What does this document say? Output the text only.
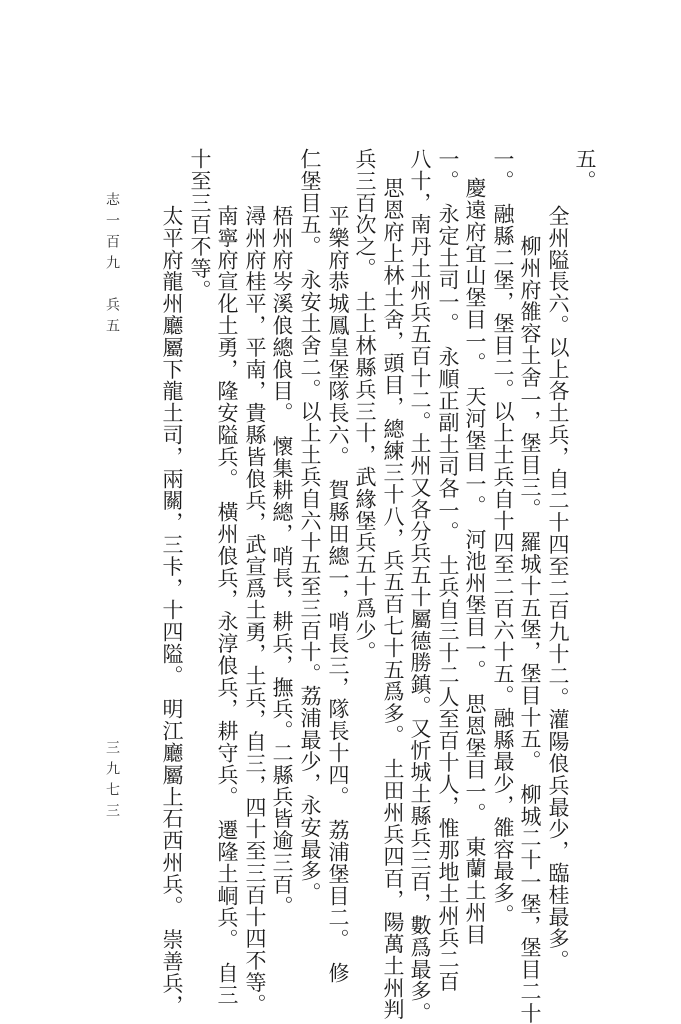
五。
全州隘長六。以上各土兵，自二十四至二百九十二。灌陽俍兵最少，臨桂最多。
柳州府雒容土舍一，堡目三。　羅城十五堡，堡目十五。　柳城二十一堡，堡目二十
一。　融縣二堡，堡目二。以上土兵自十四至二百六十五。融縣最少，雒容最多。
慶遠府宜山堡目一。　天河堡目一。　河池州堡目一。　思恩堡目一。　東蘭土州目
一。　永定土司一。　永順正副土司各一。　土兵自三十二人至百十人，惟那地土州兵二百
八十，南丹土州兵五百十二。土州又各分兵五十屬德勝鎮。又忻城土縣兵三百，數爲最多。
思恩府上林土舍，頭目，總練三十八，兵五百七十五爲多。　土田州兵四百，陽萬土州判
兵三百次之。　土上林縣兵三十，武緣堡兵五十爲少。
平樂府恭城鳳皇堡隊長六。　賀縣田總一，哨長三，隊長十四。　荔浦堡目二。　修
仁堡目五。　永安土舍二。以上土兵自六十五至三百十。荔浦最少，永安最多。
梧州府岑溪俍總俍目。　懷集耕總，哨長，耕兵，撫兵。二縣兵皆逾三百。
潯州府桂平，平南，貴縣皆俍兵，武宣爲土勇，土兵，自三，四十至三百十四不等。
南寧府宣化土勇，隆安隘兵。　橫州俍兵，永淳俍兵，耕守兵。　遷隆土峒兵。　自三
十至三百不等。
太平府龍州廳屬下龍土司，兩關，三卡，十四隘。　明江廳屬上石西州兵。　崇善兵，
志一百九　兵五
三九七三
